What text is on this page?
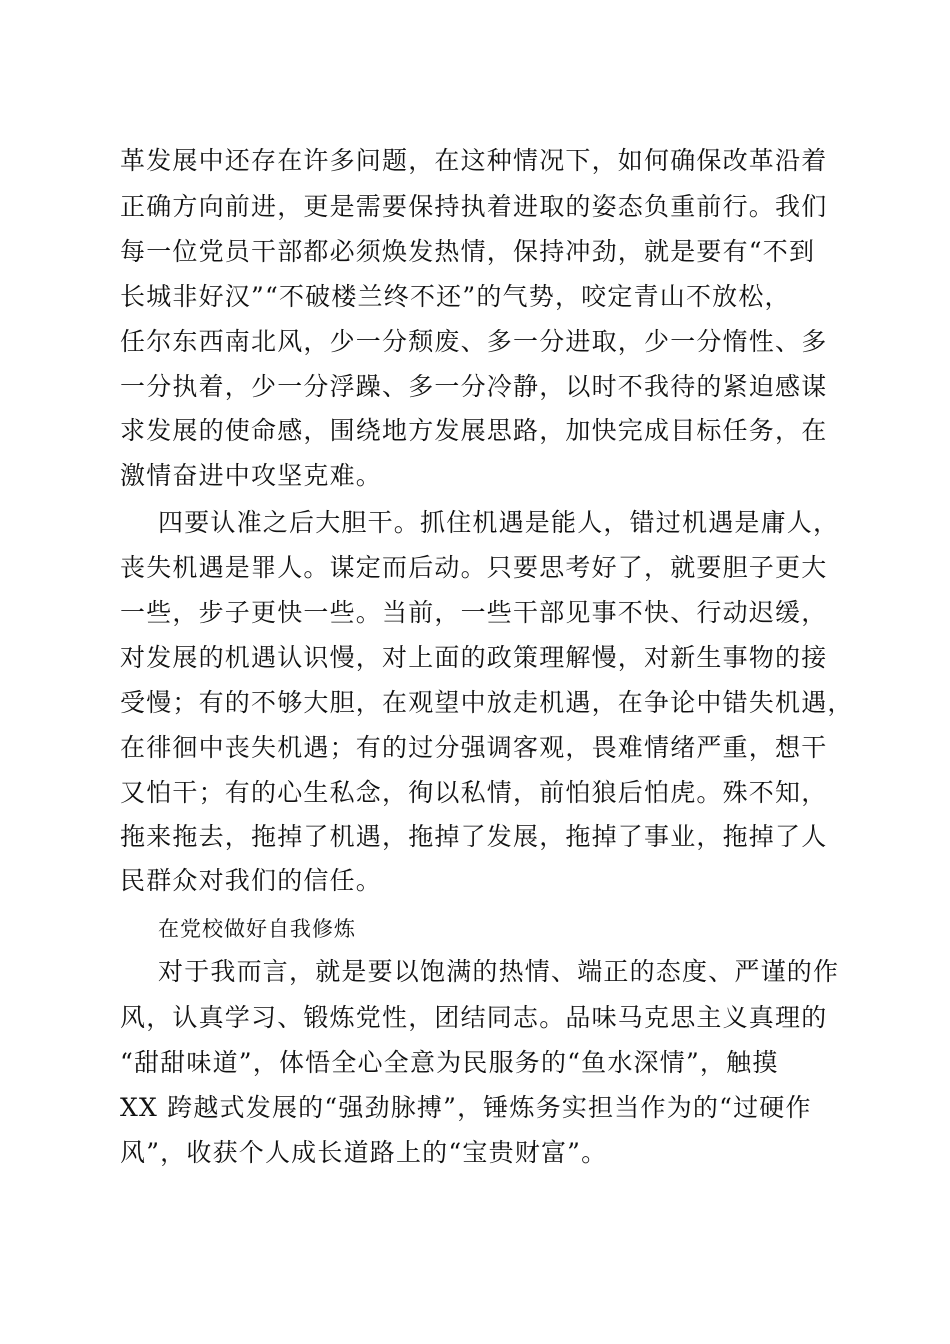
革发展中还存在许多问题，在这种情况下，如何确保改革沿着

正确方向前进，更是需要保持执着进取的姿态负重前行。我们

每一位党员干部都必须焕发热情，保持冲劲，就是要有“不到

长城非好汉”“不破楼兰终不还”的气势，咬定青山不放松，

任尔东西南北风，少一分颓废、多一分进取，少一分惰性、多

一分执着，少一分浮躁、多一分冷静，以时不我待的紧迫感谋

求发展的使命感，围绕地方发展思路，加快完成目标任务，在

激情奋进中攻坚克难。

四要认准之后大胆干。抓住机遇是能人，错过机遇是庸人，

丧失机遇是罪人。谋定而后动。只要思考好了，就要胆子更大

一些，步子更快一些。当前，一些干部见事不快、行动迟缓，

对发展的机遇认识慢，对上面的政策理解慢，对新生事物的接

受慢；有的不够大胆，在观望中放走机遇，在争论中错失机遇，

在徘徊中丧失机遇；有的过分强调客观，畏难情绪严重，想干

又怕干；有的心生私念，徇以私情，前怕狼后怕虎。殊不知，

拖来拖去，拖掉了机遇，拖掉了发展，拖掉了事业，拖掉了人

民群众对我们的信任。

在党校做好自我修炼

对于我而言，就是要以饱满的热情、端正的态度、严谨的作

风，认真学习、锻炼党性，团结同志。品味马克思主义真理的

“甜甜味道”，体悟全心全意为民服务的“鱼水深情”，触摸

XX 跨越式发展的“强劲脉搏”，锤炼务实担当作为的“过硬作

风”，收获个人成长道路上的“宝贵财富”。
